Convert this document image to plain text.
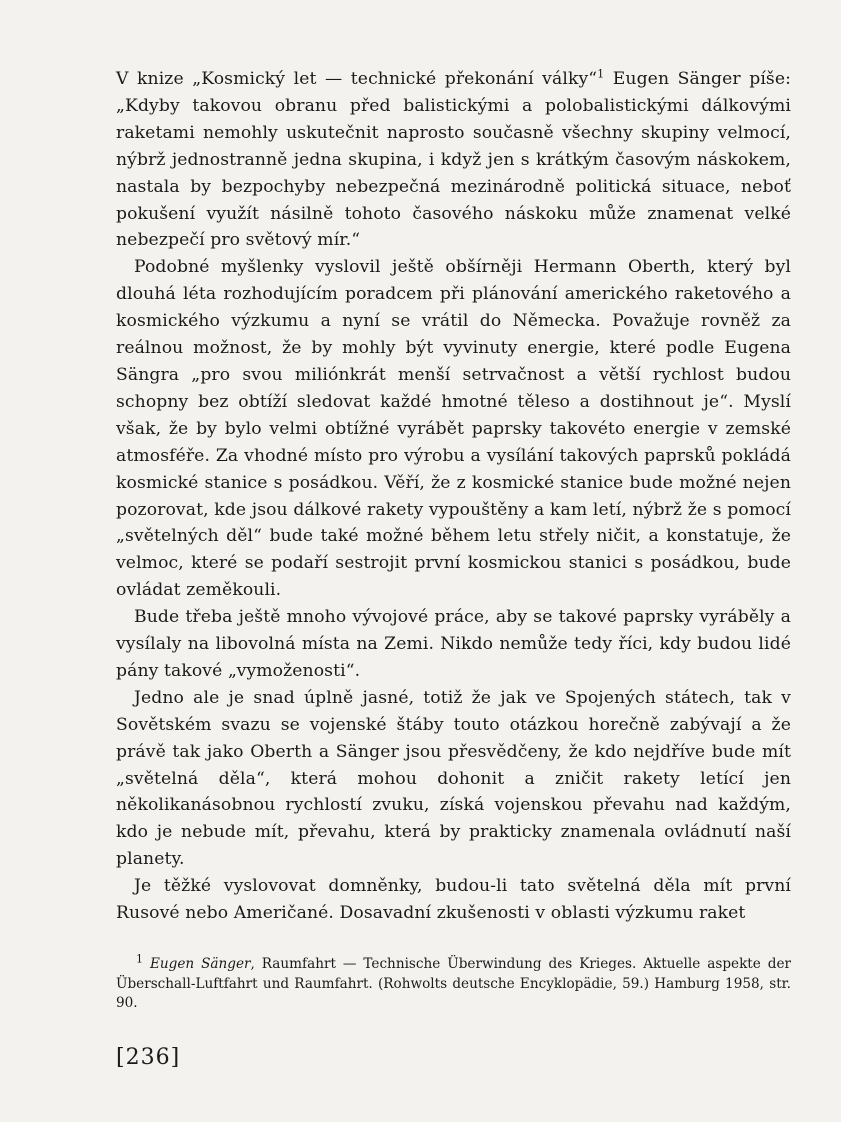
V knize „Kosmický let — technické překonání války“$^1$ Eugen Sänger píše: „Kdyby takovou obranu před balistickými a polobalistickými dálkovými raketami nemohly uskutečnit naprosto současně všechny skupiny velmocí, nýbrž jednostranně jedna skupina, i když jen s krátkým časovým náskokem, nastala by bezpochyby nebezpečná mezinárodně politická situace, neboť pokušení využít násilně tohoto časového náskoku může znamenat velké nebezpečí pro světový mír.“

Podobné myšlenky vyslovil ještě obšírněji Hermann Oberth, který byl dlouhá léta rozhodujícím poradcem při plánování amerického raketového a kosmického výzkumu a nyní se vrátil do Německa. Považuje rovněž za reálnou možnost, že by mohly být vyvinuty energie, které podle Eugena Sängra „pro svou miliónkrát menší setrvačnost a větší rychlost budou schopny bez obtíží sledovat každé hmotné těleso a dostihnout je“. Myslí však, že by bylo velmi obtížné vyrábět paprsky takovéto energie v zemské atmosféře. Za vhodné místo pro výrobu a vysílání takových paprsků pokládá kosmické stanice s posádkou. Věří, že z kosmické stanice bude možné nejen pozorovat, kde jsou dálkové rakety vypouštěny a kam letí, nýbrž že s pomocí „světelných děl“ bude také možné během letu střely ničit, a konstatuje, že velmoc, které se podaří sestrojit první kosmickou stanici s posádkou, bude ovládat zeměkouli.

Bude třeba ještě mnoho vývojové práce, aby se takové paprsky vyráběly a vysílaly na libovolná místa na Zemi. Nikdo nemůže tedy říci, kdy budou lidé pány takové „vymoženosti“.

Jedno ale je snad úplně jasné, totiž že jak ve Spojených státech, tak v Sovětském svazu se vojenské štáby touto otázkou horečně zabývají a že právě tak jako Oberth a Sänger jsou přesvědčeny, že kdo nejdříve bude mít „světelná děla“, která mohou dohonit a zničit rakety letící jen několikanásobnou rychlostí zvuku, získá vojenskou převahu nad každým, kdo je nebude mít, převahu, která by prakticky znamenala ovládnutí naší planety.

Je těžké vyslovovat domněnky, budou-li tato světelná děla mít první Rusové nebo Američané. Dosavadní zkušenosti v oblasti výzkumu raket

$^1$ Eugen Sänger, Raumfahrt — Technische Überwindung des Krieges. Aktuelle aspekte der Überschall-Luftfahrt und Raumfahrt. (Rohwolts deutsche Encyklopädie, 59.) Hamburg 1958, str. 90.
[236]
